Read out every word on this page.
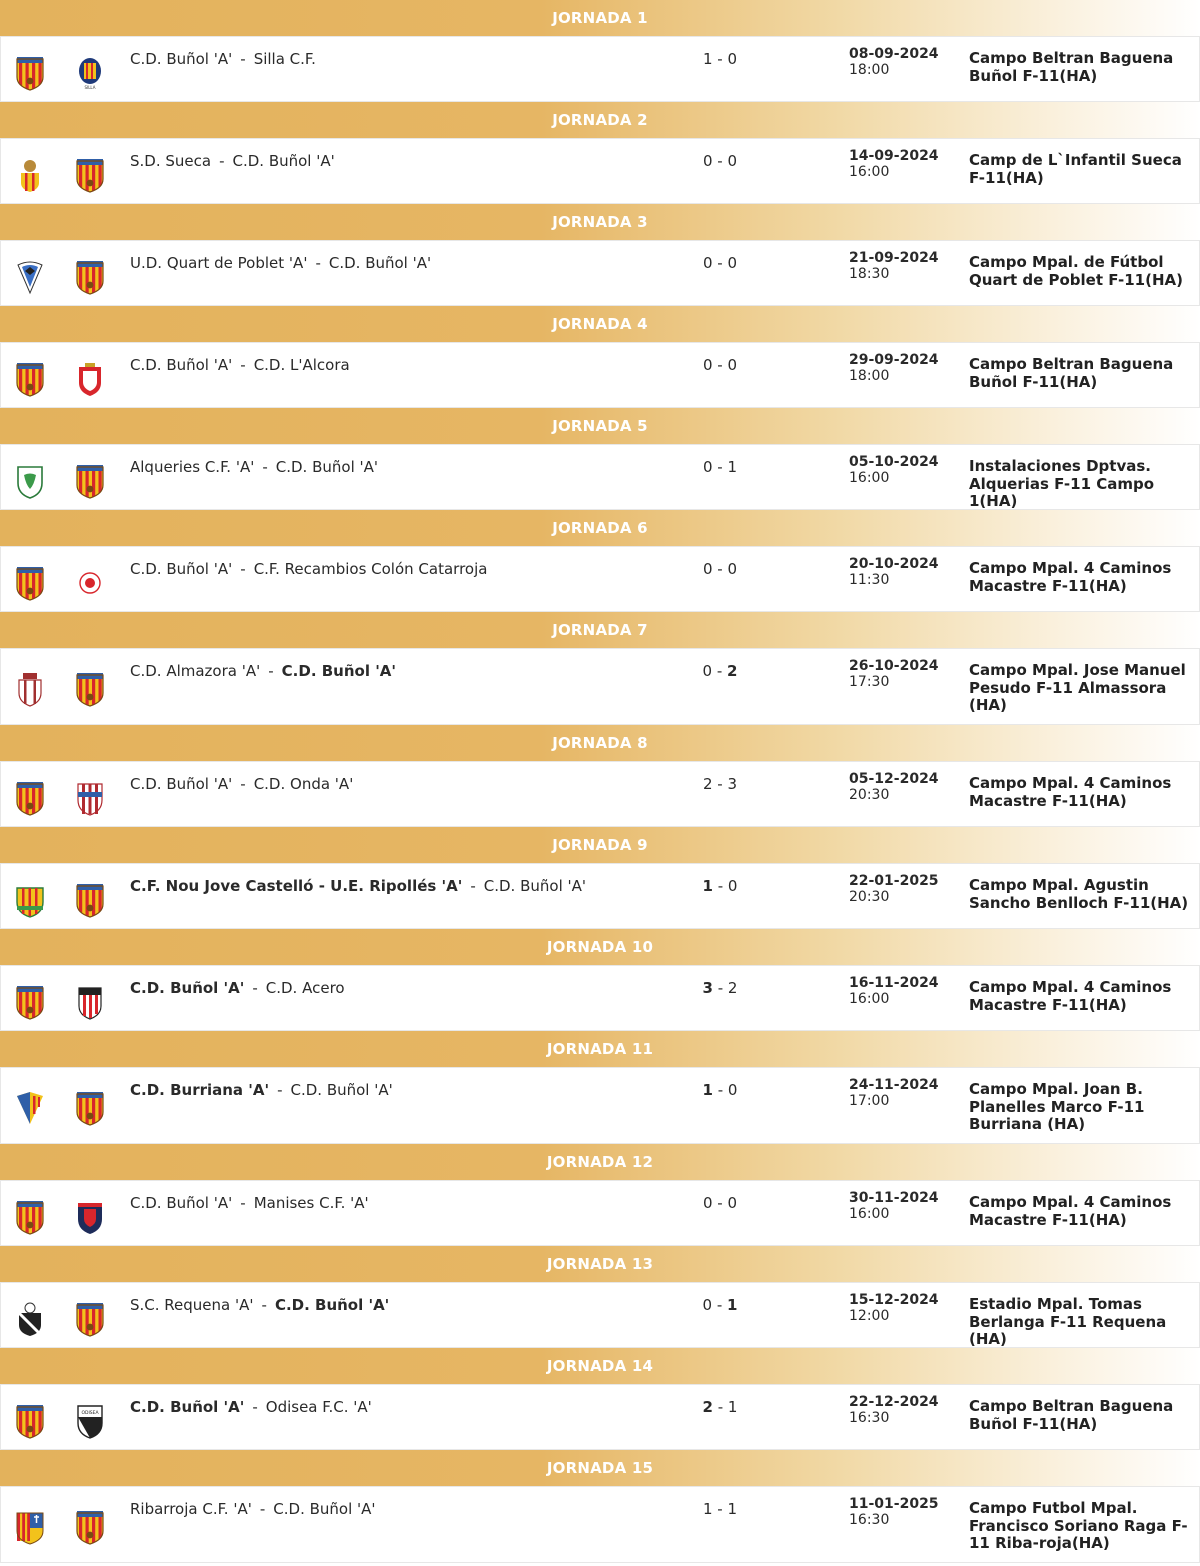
JORNADA 1
SILLA
C.D. Buñol 'A' - Silla C.F.	1 - 0	08-09-2024
18:00
Campo Beltran Baguena Buñol F-11(HA)
JORNADA 2
S.D. Sueca - C.D. Buñol 'A'	0 - 0	14-09-2024
16:00
Camp de L`Infantil Sueca F-11(HA)
JORNADA 3
U.D. Quart de Poblet 'A' - C.D. Buñol 'A'	0 - 0	21-09-2024
18:30
Campo Mpal. de Fútbol Quart de Poblet F-11(HA)
JORNADA 4
C.D. Buñol 'A' - C.D. L'Alcora	0 - 0	29-09-2024
18:00
Campo Beltran Baguena Buñol F-11(HA)
JORNADA 5
Alqueries C.F. 'A' - C.D. Buñol 'A'	0 - 1	05-10-2024
16:00
Instalaciones Dptvas. Alquerias F-11 Campo 1(HA)
JORNADA 6
C.D. Buñol 'A' - C.F. Recambios Colón Catarroja	0 - 0	20-10-2024
11:30
Campo Mpal. 4 Caminos Macastre F-11(HA)
JORNADA 7
C.D. Almazora 'A' - C.D. Buñol 'A'	0 - 2	26-10-2024
17:30
Campo Mpal. Jose Manuel Pesudo F-11 Almassora (HA)
JORNADA 8
C.D. Buñol 'A' - C.D. Onda 'A'	2 - 3	05-12-2024
20:30
Campo Mpal. 4 Caminos Macastre F-11(HA)
JORNADA 9
C.F. Nou Jove Castelló - U.E. Ripollés 'A' - C.D. Buñol 'A'	1 - 0	22-01-2025
20:30
Campo Mpal. Agustin Sancho Benlloch F-11(HA)
JORNADA 10
C.D. Buñol 'A' - C.D. Acero	3 - 2	16-11-2024
16:00
Campo Mpal. 4 Caminos Macastre F-11(HA)
JORNADA 11
C.D. Burriana 'A' - C.D. Buñol 'A'	1 - 0	24-11-2024
17:00
Campo Mpal. Joan B. Planelles Marco F-11 Burriana (HA)
JORNADA 12
C.D. Buñol 'A' - Manises C.F. 'A'	0 - 0	30-11-2024
16:00
Campo Mpal. 4 Caminos Macastre F-11(HA)
JORNADA 13
S.C. Requena 'A' - C.D. Buñol 'A'	0 - 1	15-12-2024
12:00
Estadio Mpal. Tomas Berlanga F-11 Requena (HA)
JORNADA 14
ODISEA C.D. Buñol 'A' - Odisea F.C. 'A'	2 - 1	22-12-2024
16:30
Campo Beltran Baguena Buñol F-11(HA)
JORNADA 15
Ribarroja C.F. 'A' - C.D. Buñol 'A'	1 - 1	11-01-2025
16:30
Campo Futbol Mpal. Francisco Soriano Raga F-11 Riba-roja(HA)
